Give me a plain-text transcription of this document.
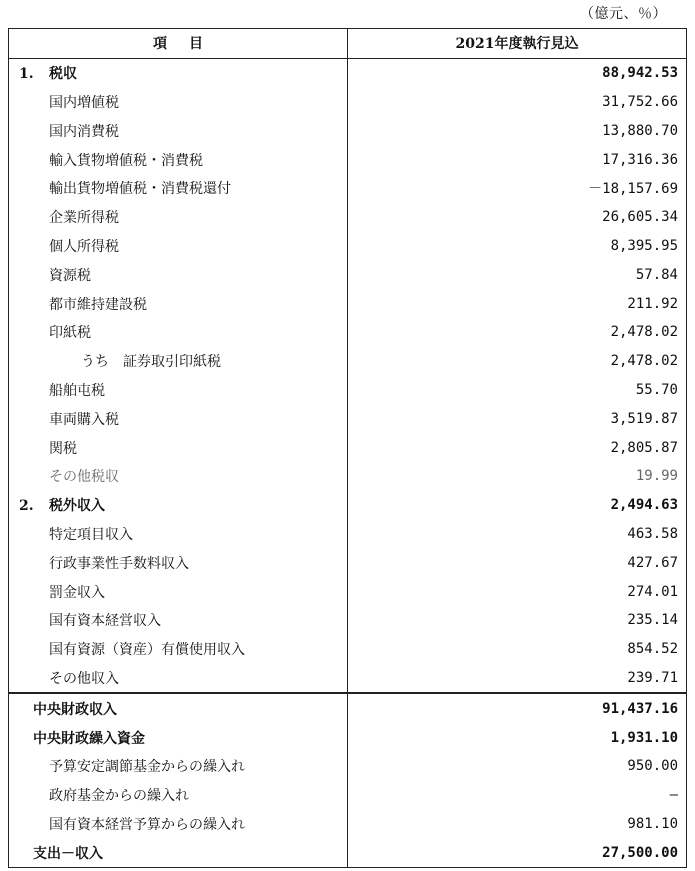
（億元、％）
項目	2021年度執行見込
1. 税収	88,942.53
国内増値税	31,752.66
国内消費税	13,880.70
輸入貨物増値税・消費税	17,316.36
輸出貨物増値税・消費税還付	－18,157.69
企業所得税	26,605.34
個人所得税	8,395.95
資源税	57.84
都市維持建設税	211.92
印紙税	2,478.02
うち　証券取引印紙税	2,478.02
船舶屯税	55.70
車両購入税	3,519.87
関税	2,805.87
その他税収	19.99
2. 税外収入	2,494.63
特定項目収入	463.58
行政事業性手数料収入	427.67
罰金収入	274.01
国有資本経営収入	235.14
国有資源（資産）有償使用収入	854.52
その他収入	239.71
中央財政収入	91,437.16
中央財政繰入資金	1,931.10
予算安定調節基金からの繰入れ	950.00
政府基金からの繰入れ	—
国有資本経営予算からの繰入れ	981.10
支出－収入	27,500.00
